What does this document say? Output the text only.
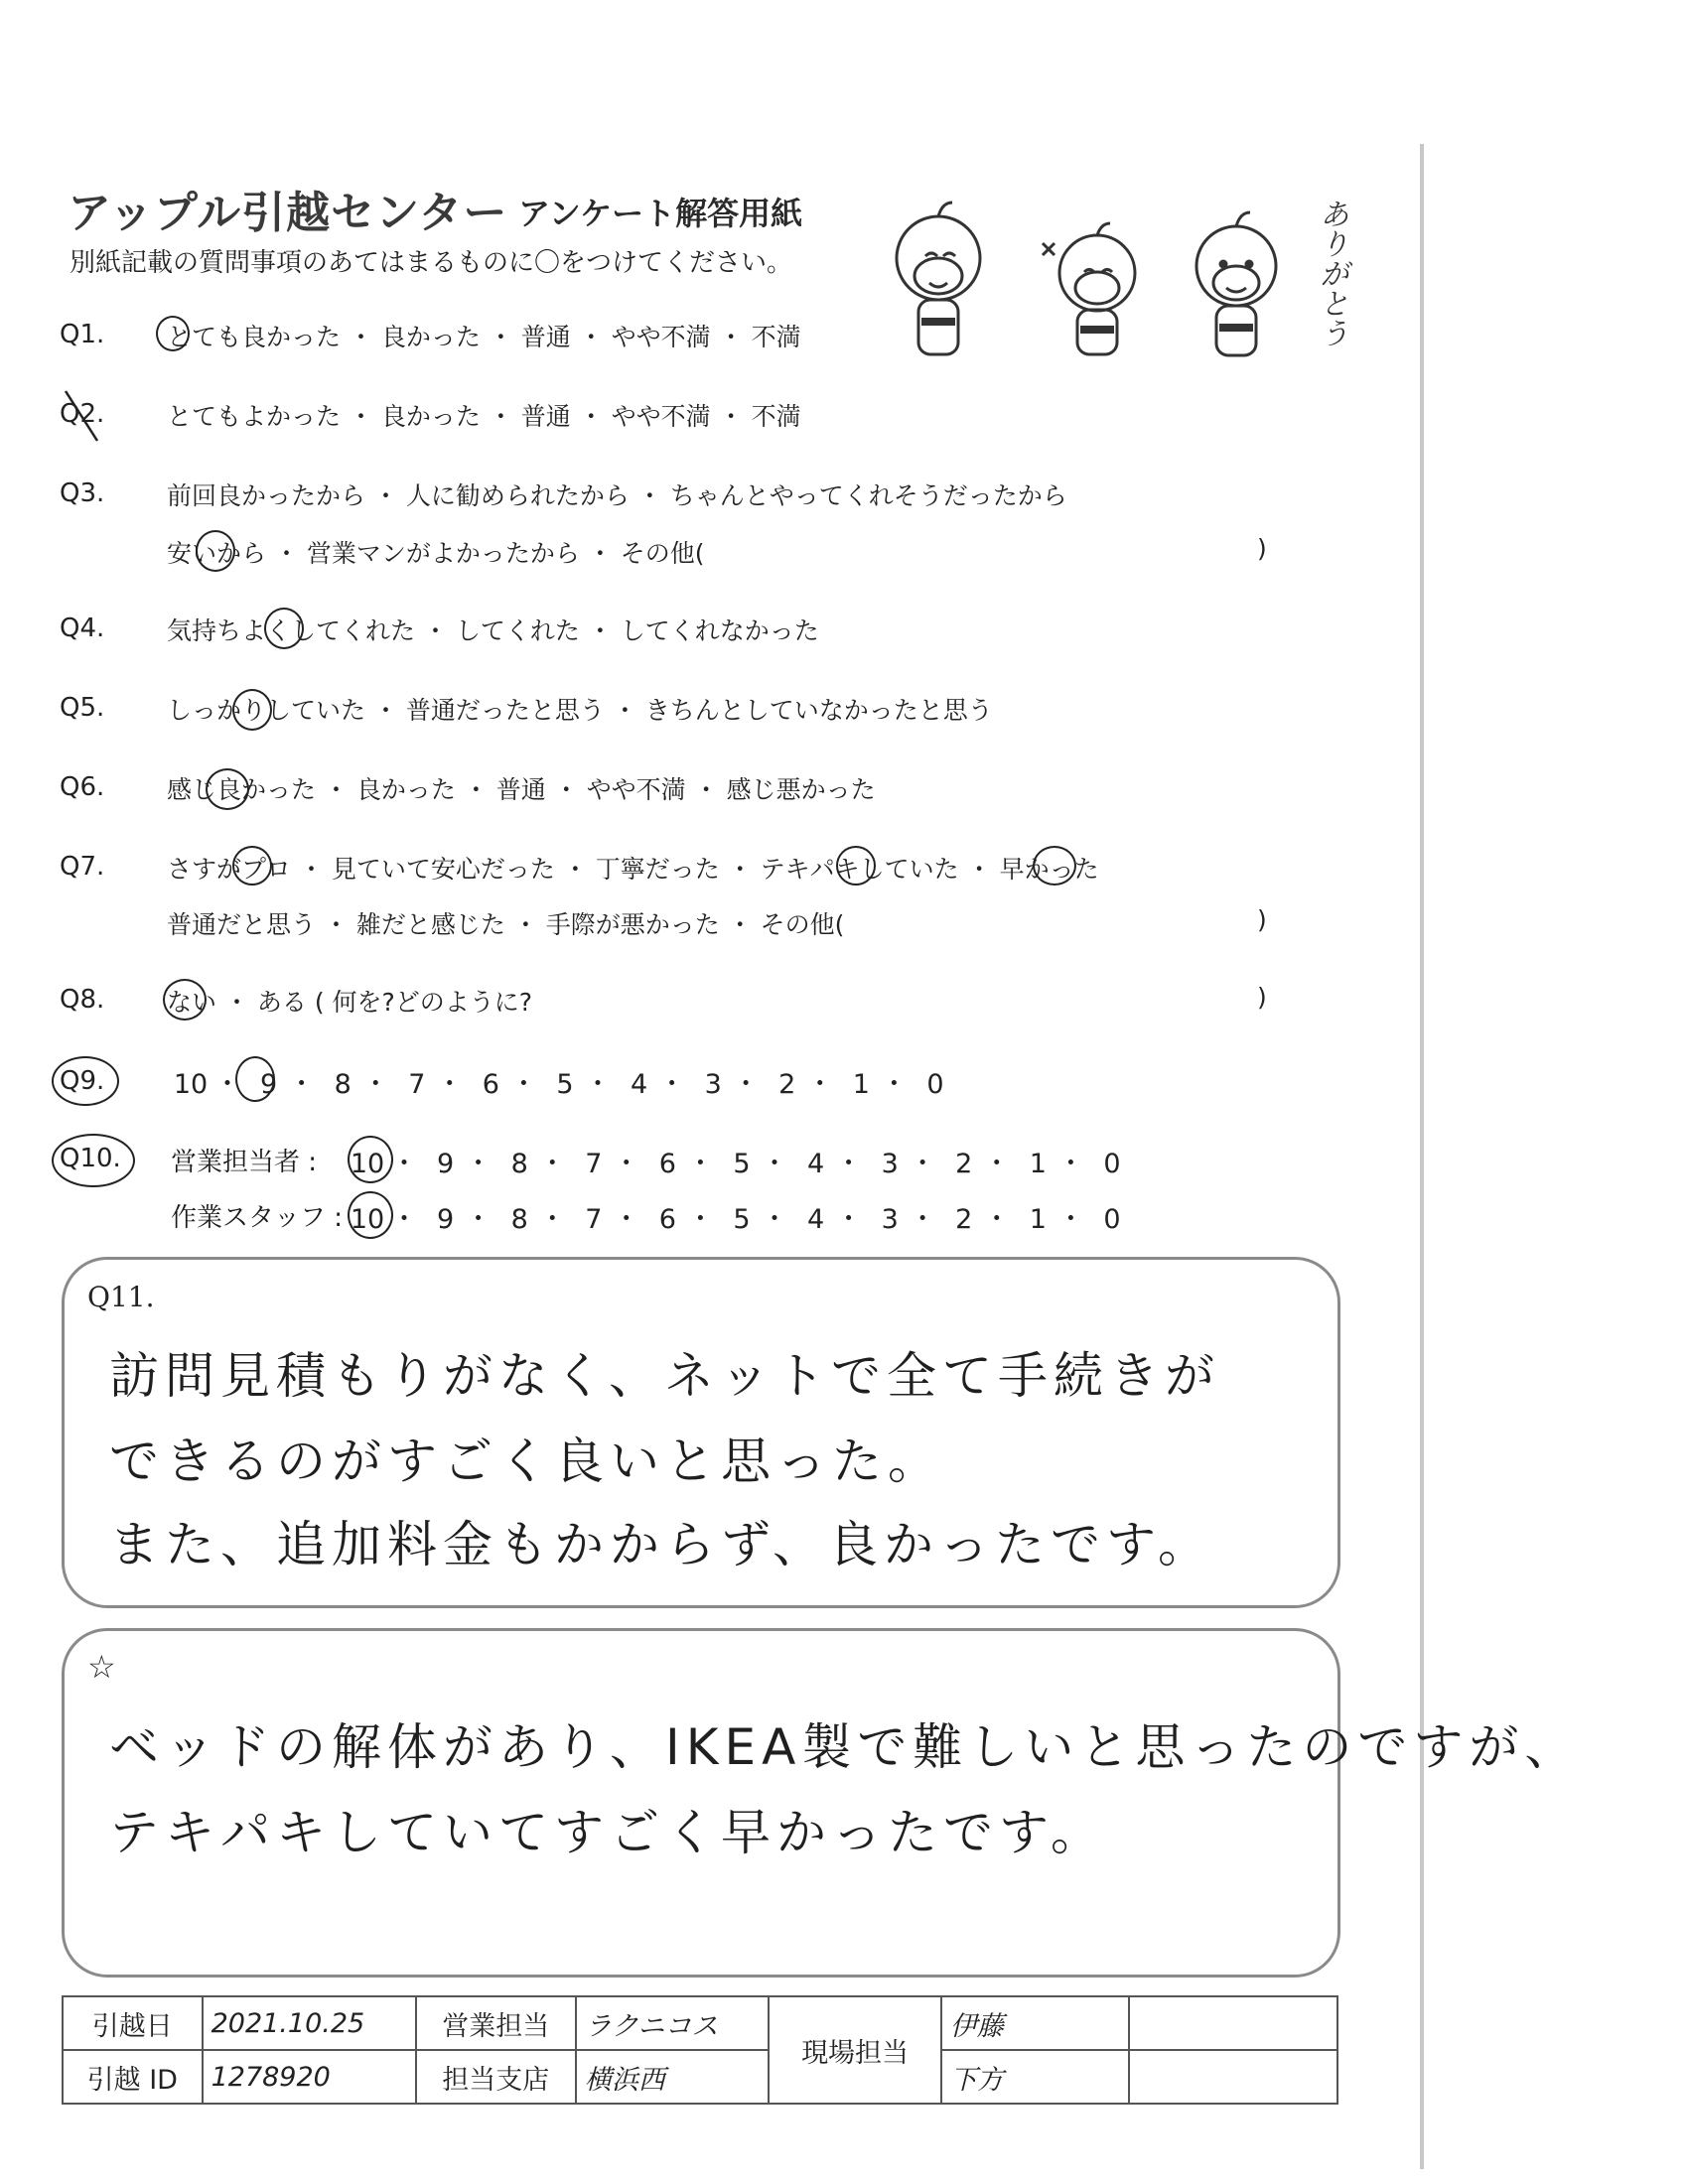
アップル引越センター アンケート解答用紙
別紙記載の質問事項のあてはまるものに〇をつけてください。	ありがとう
Q1.	とても良かった ・ 良かった ・ 普通 ・ やや不満 ・ 不満
Q2.	とてもよかった ・ 良かった ・ 普通 ・ やや不満 ・ 不満
Q3.	前回良かったから ・ 人に勧められたから ・ ちゃんとやってくれそうだったから
安いから ・ 営業マンがよかったから ・ その他(	)
Q4.	気持ちよくしてくれた ・ してくれた ・ してくれなかった
Q5.	しっかりしていた ・ 普通だったと思う ・ きちんとしていなかったと思う
Q6.	感じ良かった ・ 良かった ・ 普通 ・ やや不満 ・ 感じ悪かった
Q7.	さすがプロ ・ 見ていて安心だった ・ 丁寧だった ・ テキパキしていた ・ 早かった
普通だと思う ・ 雑だと感じた ・ 手際が悪かった ・ その他(	)
Q8.	ない ・ ある ( 何を?どのように?	)
Q9.	10 ・ 9 ・ 8 ・ 7 ・ 6 ・ 5 ・ 4 ・ 3 ・ 2 ・ 1 ・ 0
Q10. 営業担当者 : 10 ・ 9 ・ 8 ・ 7 ・ 6 ・ 5 ・ 4 ・ 3 ・ 2 ・ 1 ・ 0
作業スタッフ : 10 ・ 9 ・ 8 ・ 7 ・ 6 ・ 5 ・ 4 ・ 3 ・ 2 ・ 1 ・ 0
Q11.
訪問見積もりがなく、ネットで全て手続きが
できるのがすごく良いと思った。
また、追加料金もかからず、良かったです。
☆
ベッドの解体があり、IKEA製で難しいと思ったのですが、
テキパキしていてすごく早かったです。
引越日	2021.10.25	営業担当	ラクニコス	現場担当	伊藤	
引越 ID	1278920	担当支店	横浜西		下方	
